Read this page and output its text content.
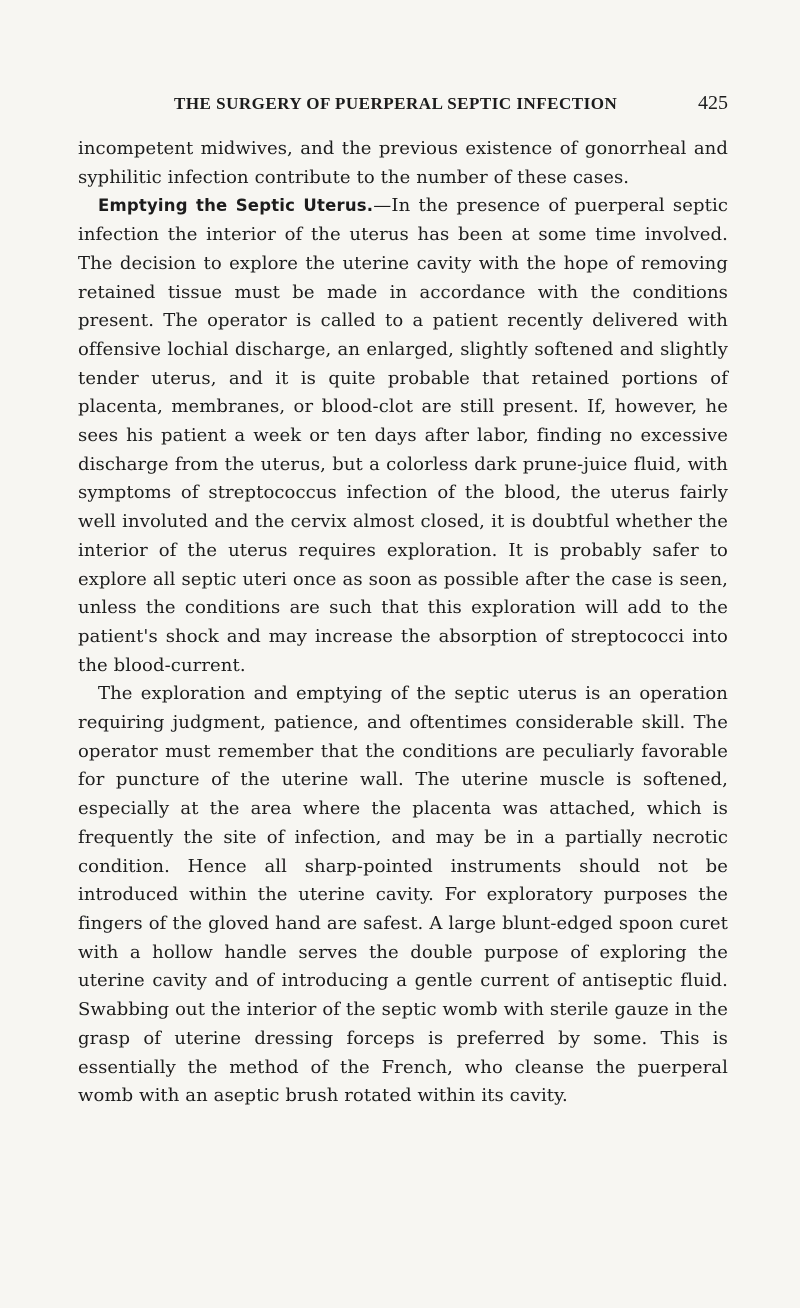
THE SURGERY OF PUERPERAL SEPTIC INFECTION	425

incompetent midwives, and the previous existence of gonorrheal and syphilitic infection contribute to the number of these cases.

Emptying the Septic Uterus.—In the presence of puerperal septic infection the interior of the uterus has been at some time involved. The decision to explore the uterine cavity with the hope of removing retained tissue must be made in accordance with the conditions present. The operator is called to a patient recently delivered with offensive lochial discharge, an enlarged, slightly softened and slightly tender uterus, and it is quite probable that retained portions of placenta, membranes, or blood-clot are still present. If, however, he sees his patient a week or ten days after labor, finding no excessive discharge from the uterus, but a colorless dark prune-juice fluid, with symptoms of streptococcus infection of the blood, the uterus fairly well involuted and the cervix almost closed, it is doubtful whether the interior of the uterus requires exploration. It is probably safer to explore all septic uteri once as soon as possible after the case is seen, unless the conditions are such that this exploration will add to the patient's shock and may increase the absorption of streptococci into the blood-current.

The exploration and emptying of the septic uterus is an operation requiring judgment, patience, and oftentimes considerable skill. The operator must remember that the conditions are peculiarly favorable for puncture of the uterine wall. The uterine muscle is softened, especially at the area where the placenta was attached, which is frequently the site of infection, and may be in a partially necrotic condition. Hence all sharp-pointed instruments should not be introduced within the uterine cavity. For exploratory purposes the fingers of the gloved hand are safest. A large blunt-edged spoon curet with a hollow handle serves the double purpose of exploring the uterine cavity and of introducing a gentle current of antiseptic fluid. Swabbing out the interior of the septic womb with sterile gauze in the grasp of uterine dressing forceps is preferred by some. This is essentially the method of the French, who cleanse the puerperal womb with an aseptic brush rotated within its cavity.
